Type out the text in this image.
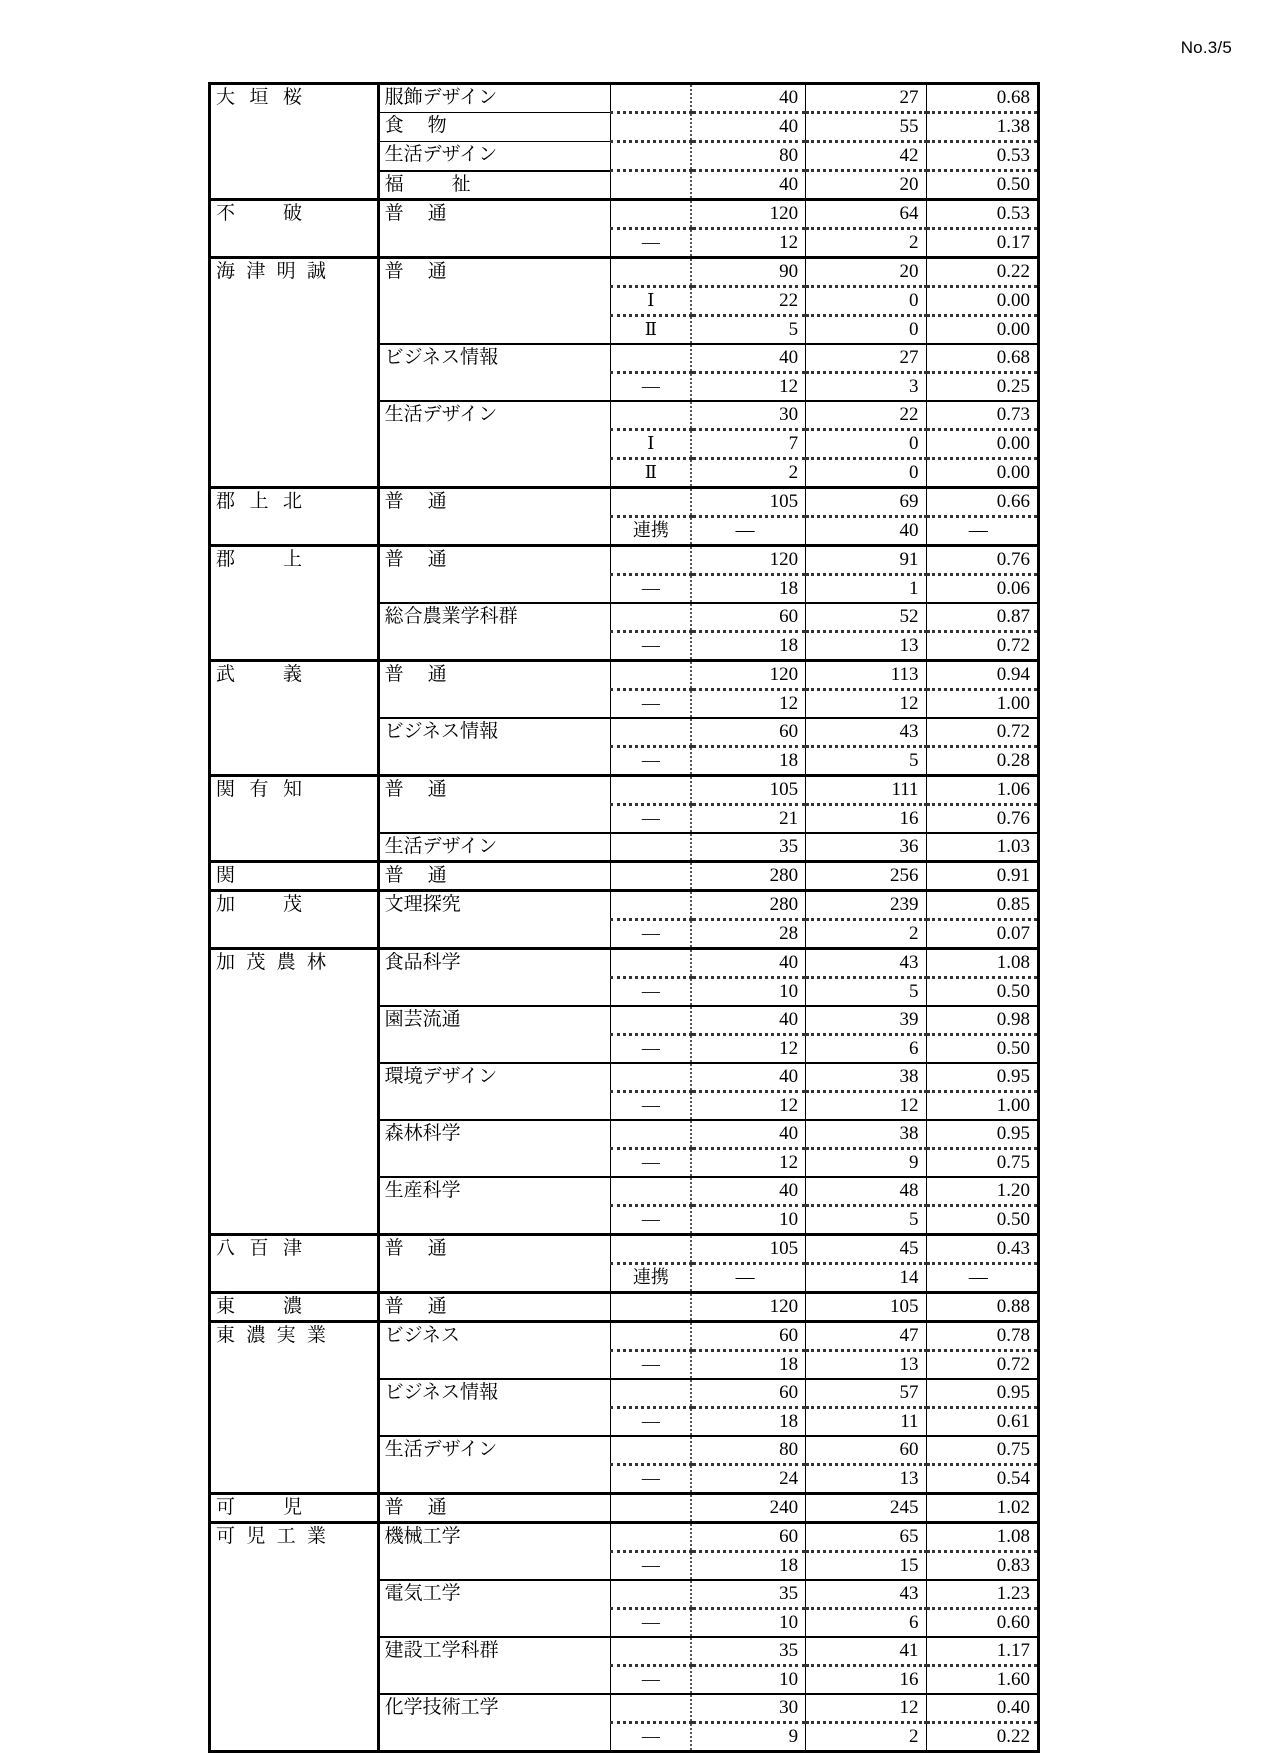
No.3/5
大垣桜	服飾デザイン		40	27	0.68

	食物		40	55	1.38

	生活デザイン		80	42	0.53

	福祉		40	20	0.50

不破	普通		120	64	0.53

		—	12	2	0.17

海津明誠	普通		90	20	0.22

		Ⅰ	22	0	0.00

		Ⅱ	5	0	0.00

	ビジネス情報		40	27	0.68

		—	12	3	0.25

	生活デザイン		30	22	0.73

		Ⅰ	7	0	0.00

		Ⅱ	2	0	0.00

郡上北	普通		105	69	0.66

		連携	—	40	—

郡上	普通		120	91	0.76

		—	18	1	0.06

	総合農業学科群		60	52	0.87

		—	18	13	0.72

武義	普通		120	113	0.94

		—	12	12	1.00

	ビジネス情報		60	43	0.72

		—	18	5	0.28

関有知	普通		105	111	1.06

		—	21	16	0.76

	生活デザイン		35	36	1.03

関	普通		280	256	0.91

加茂	文理探究		280	239	0.85

		—	28	2	0.07

加茂農林	食品科学		40	43	1.08

		—	10	5	0.50

	園芸流通		40	39	0.98

		—	12	6	0.50

	環境デザイン		40	38	0.95

		—	12	12	1.00

	森林科学		40	38	0.95

		—	12	9	0.75

	生産科学		40	48	1.20

		—	10	5	0.50

八百津	普通		105	45	0.43

		連携	—	14	—

東濃	普通		120	105	0.88

東濃実業	ビジネス		60	47	0.78

		—	18	13	0.72

	ビジネス情報		60	57	0.95

		—	18	11	0.61

	生活デザイン		80	60	0.75

		—	24	13	0.54

可児	普通		240	245	1.02

可児工業	機械工学		60	65	1.08

		—	18	15	0.83

	電気工学		35	43	1.23

		—	10	6	0.60

	建設工学科群		35	41	1.17

		—	10	16	1.60

	化学技術工学		30	12	0.40

		—	9	2	0.22
